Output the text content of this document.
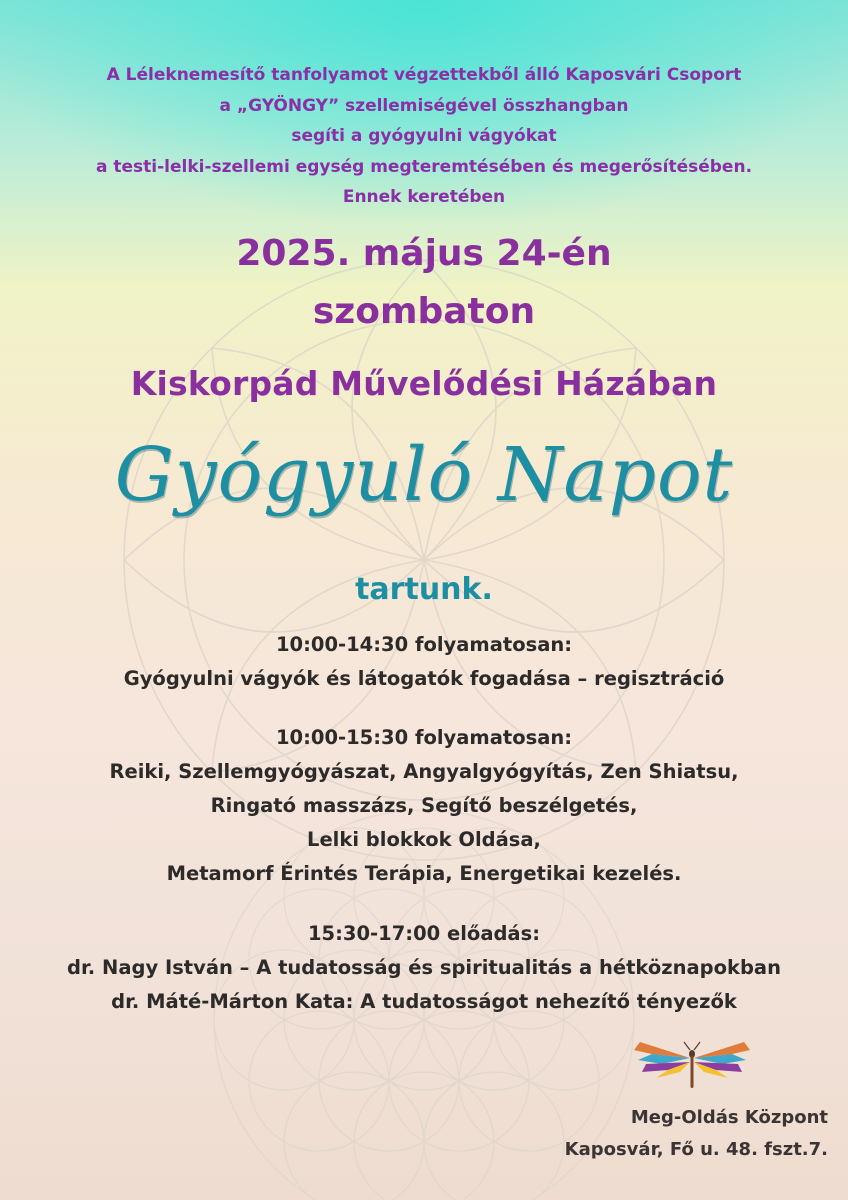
A Léleknemesítő tanfolyamot végzettekből álló Kaposvári Csoport
a „GYÖNGY” szellemiségével összhangban
segíti a gyógyulni vágyókat
a testi-lelki-szellemi egység megteremtésében és megerősítésében.
Ennek keretében
2025. május 24-én
szombaton
Kiskorpád Művelődési Házában
Gyógyuló Napot
tartunk.
10:00-14:30 folyamatosan:
Gyógyulni vágyók és látogatók fogadása – regisztráció
10:00-15:30 folyamatosan:
Reiki, Szellemgyógyászat, Angyalgyógyítás, Zen Shiatsu,
Ringató masszázs, Segítő beszélgetés,
Lelki blokkok Oldása,
Metamorf Érintés Terápia, Energetikai kezelés.
15:30-17:00 előadás:
dr. Nagy István – A tudatosság és spiritualitás a hétköznapokban
dr. Máté-Márton Kata: A tudatosságot nehezítő tényezők
Meg-Oldás Központ
Kaposvár, Fő u. 48. fszt.7.
